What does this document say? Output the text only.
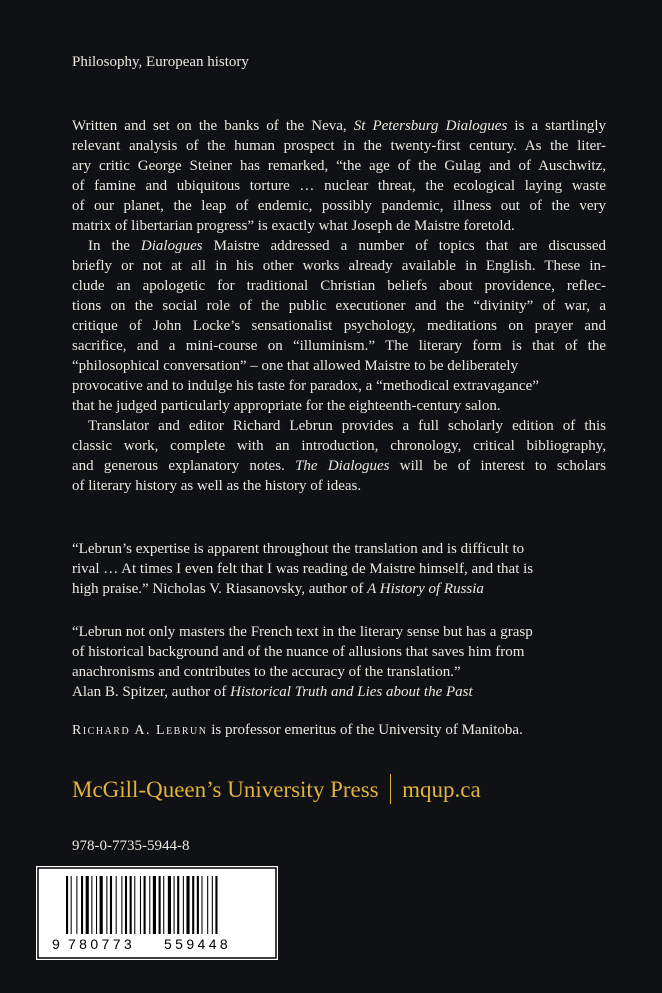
Philosophy, European history
Written and set on the banks of the Neva, St Petersburg Dialogues is a startlingly
relevant analysis of the human prospect in the twenty-first century. As the liter-
ary critic George Steiner has remarked, “the age of the Gulag and of Auschwitz,
of famine and ubiquitous torture … nuclear threat, the ecological laying waste
of our planet, the leap of endemic, possibly pandemic, illness out of the very
matrix of libertarian progress” is exactly what Joseph de Maistre foretold.
In the Dialogues Maistre addressed a number of topics that are discussed
briefly or not at all in his other works already available in English. These in-
clude an apologetic for traditional Christian beliefs about providence, reflec-
tions on the social role of the public executioner and the “divinity” of war, a
critique of John Locke’s sensationalist psychology, meditations on prayer and
sacrifice, and a mini-course on “illuminism.” The literary form is that of the
“philosophical conversation” – one that allowed Maistre to be deliberately
provocative and to indulge his taste for paradox, a “methodical extravagance”
that he judged particularly appropriate for the eighteenth-century salon.
Translator and editor Richard Lebrun provides a full scholarly edition of this
classic work, complete with an introduction, chronology, critical bibliography,
and generous explanatory notes. The Dialogues will be of interest to scholars
of literary history as well as the history of ideas.
“Lebrun’s expertise is apparent throughout the translation and is difficult to
rival … At times I even felt that I was reading de Maistre himself, and that is
high praise.” Nicholas V. Riasanovsky, author of A History of Russia
“Lebrun not only masters the French text in the literary sense but has a grasp
of historical background and of the nuance of allusions that saves him from
anachronisms and contributes to the accuracy of the translation.”
Alan B. Spitzer, author of Historical Truth and Lies about the Past
Richard A. Lebrun is professor emeritus of the University of Manitoba.
McGill-Queen’s University Press mqup.ca
978-0-7735-5944-8
9 780773 559448
